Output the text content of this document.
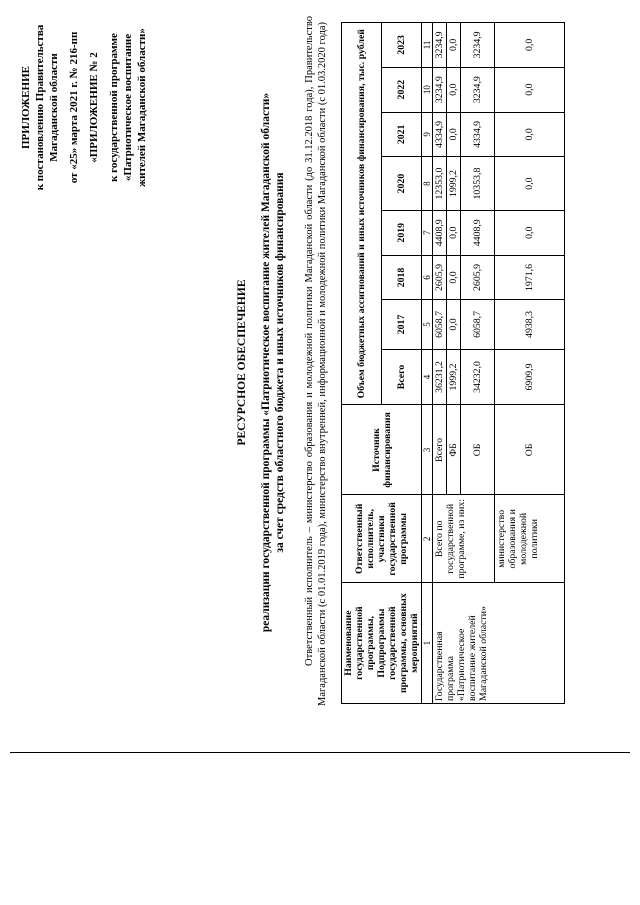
ПРИЛОЖЕНИЕ к постановлению Правительства Магаданской области от «25» марта 2021 г. № 216-пп «ПРИЛОЖЕНИЕ № 2 к государственной программе «Патриотическое воспитание жителей Магаданской области»
РЕСУРСНОЕ ОБЕСПЕЧЕНИЕ реализации государственной программы «Патриотическое воспитание жителей Магаданской области» за счет средств областного бюджета и иных источников финансирования Ответственный исполнитель – министерство образования и молодежной политики Магаданской области (до 31.12.2018 года), Правительство Магаданской области (с 01.01.2019 года), министерство внутренней, информационной и молодежной политики Магаданской области (с 01.03.2020 года) Наименование государственной программы, Подпрограммы государственной программы, основных мероприятий	Ответственный исполнитель, участники государственной программы	Источник финансирования	Объем бюджетных ассигнований и иных источников финансирования, тыс. рублей							
			Всего	2017	2018	2019	2020	2021	2022	2023
1	2	3	4	5	6	7	8	9	10	11
Государственная программа «Патриотическое воспитание жителей Магаданской области»	Всего по государственной программе, из них:	Всего	36231,2	6058,7	2605,9	4408,9	12353,0	4334,9	3234,9	3234,9
		ФБ	1999,2	0,0	0,0	0,0	1999,2	0,0	0,0	0,0
		ОБ	34232,0	6058,7	2605,9	4408,9	10353,8	4334,9	3234,9	3234,9
	министерство образования и молодежной политики	ОБ	6909,9	4938,3	1971,6	0,0	0,0	0,0	0,0	0,0
